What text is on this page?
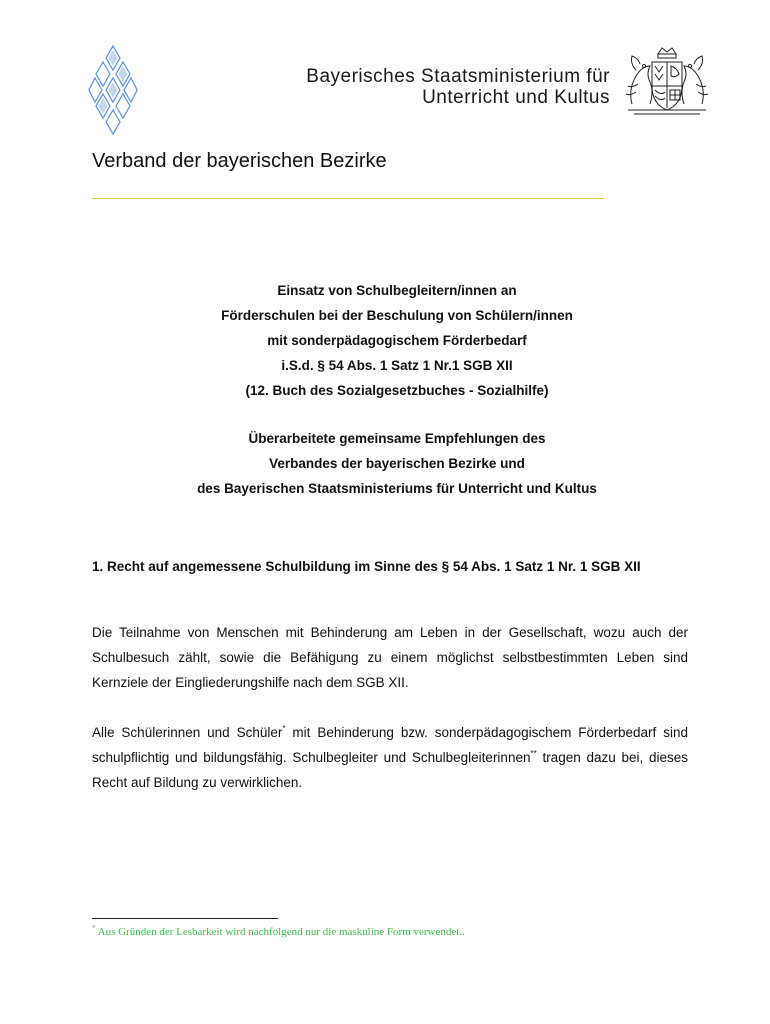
Bayerisches Staatsministerium für
Unterricht und Kultus
Verband der bayerischen Bezirke
Einsatz von Schulbegleitern/innen an
Förderschulen bei der Beschulung von Schülern/innen
mit sonderpädagogischem Förderbedarf
i.S.d. § 54 Abs. 1 Satz 1 Nr.1 SGB XII
(12. Buch des Sozialgesetzbuches - Sozialhilfe)
Überarbeitete gemeinsame Empfehlungen des
Verbandes der bayerischen Bezirke und
des Bayerischen Staatsministeriums für Unterricht und Kultus
1. Recht auf angemessene Schulbildung im Sinne des § 54 Abs. 1 Satz 1 Nr. 1 SGB XII
Die Teilnahme von Menschen mit Behinderung am Leben in der Gesellschaft, wozu auch der Schulbesuch zählt, sowie die Befähigung zu einem möglichst selbstbestimmten Leben sind Kernziele der Eingliederungshilfe nach dem SGB XII.
Alle Schülerinnen und Schüler* mit Behinderung bzw. sonderpädagogischem Förderbedarf sind schulpflichtig und bildungsfähig. Schulbegleiter und Schulbegleiterinnen** tragen dazu bei, dieses Recht auf Bildung zu verwirklichen.
* Aus Gründen der Lesbarkeit wird nachfolgend nur die maskuline Form verwendet..
